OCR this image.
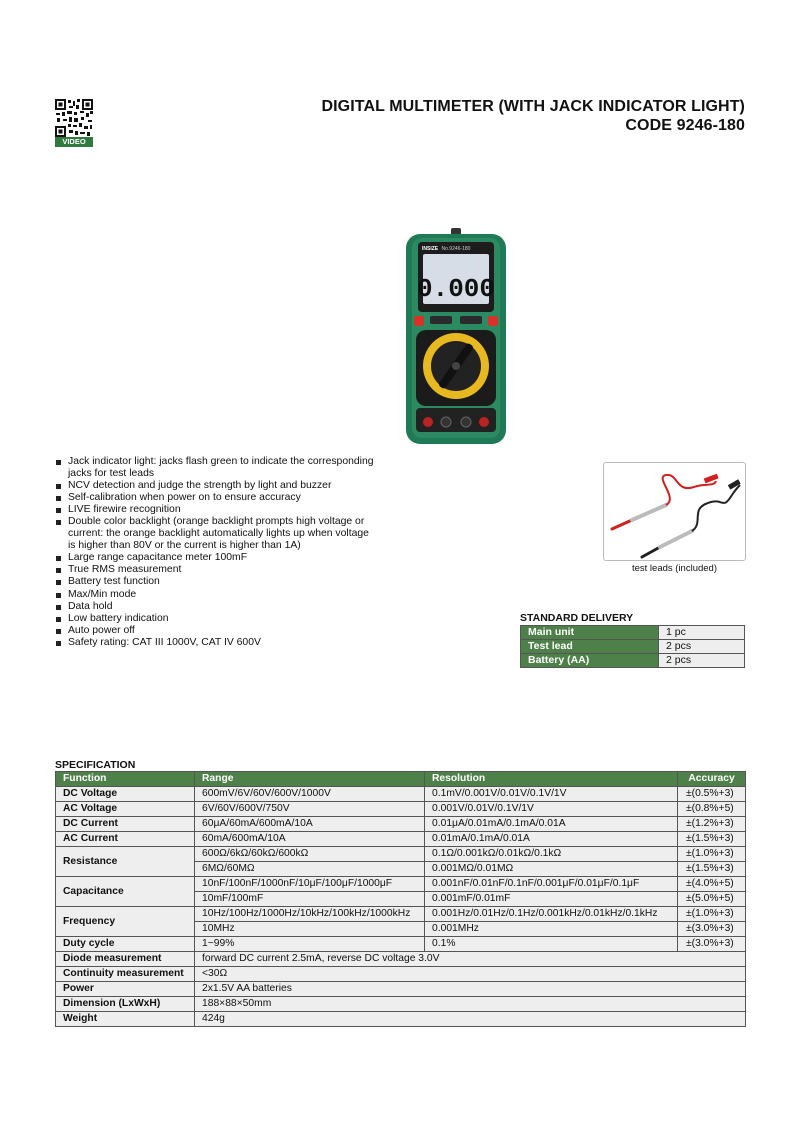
VIDEO
DIGITAL MULTIMETER (WITH JACK INDICATOR LIGHT)
CODE 9246-180
No.9246-180
INSIZE
0.000
Jack indicator light: jacks flash green to indicate the corresponding jacks for test leads
NCV detection and judge the strength by light and buzzer
Self-calibration when power on to ensure accuracy
LIVE firewire recognition
Double color backlight (orange backlight prompts high voltage or current: the orange backlight automatically lights up when voltage is higher than 80V or the current is higher than 1A)
Large range capacitance meter 100mF
True RMS measurement
Battery test function
Max/Min mode
Data hold
Low battery indication
Auto power off
Safety rating: CAT III 1000V, CAT IV 600V
test leads (included)
STANDARD DELIVERY
Main unit	1 pc
Test lead	2 pcs
Battery (AA)	2 pcs
SPECIFICATION
Function	Range	Resolution	Accuracy
DC Voltage	600mV/6V/60V/600V/1000V	0.1mV/0.001V/0.01V/0.1V/1V	±(0.5%+3)
AC Voltage	6V/60V/600V/750V	0.001V/0.01V/0.1V/1V	±(0.8%+5)
DC Current	60μA/60mA/600mA/10A	0.01μA/0.01mA/0.1mA/0.01A	±(1.2%+3)
AC Current	60mA/600mA/10A	0.01mA/0.1mA/0.01A	±(1.5%+3)
Resistance	600Ω/6kΩ/60kΩ/600kΩ	0.1Ω/0.001kΩ/0.01kΩ/0.1kΩ	±(1.0%+3)
	6MΩ/60MΩ	0.001MΩ/0.01MΩ	±(1.5%+3)
Capacitance	10nF/100nF/1000nF/10μF/100μF/1000μF	0.001nF/0.01nF/0.1nF/0.001μF/0.01μF/0.1μF	±(4.0%+5)
	10mF/100mF	0.001mF/0.01mF	±(5.0%+5)
Frequency	10Hz/100Hz/1000Hz/10kHz/100kHz/1000kHz	0.001Hz/0.01Hz/0.1Hz/0.001kHz/0.01kHz/0.1kHz	±(1.0%+3)
	10MHz	0.001MHz	±(3.0%+3)
Duty cycle	1~99%	0.1%	±(3.0%+3)
Diode measurement	forward DC current 2.5mA, reverse DC voltage 3.0V		
Continuity measurement	<30Ω		
Power	2x1.5V AA batteries		
Dimension (LxWxH)	188×88×50mm		
Weight	424g		
